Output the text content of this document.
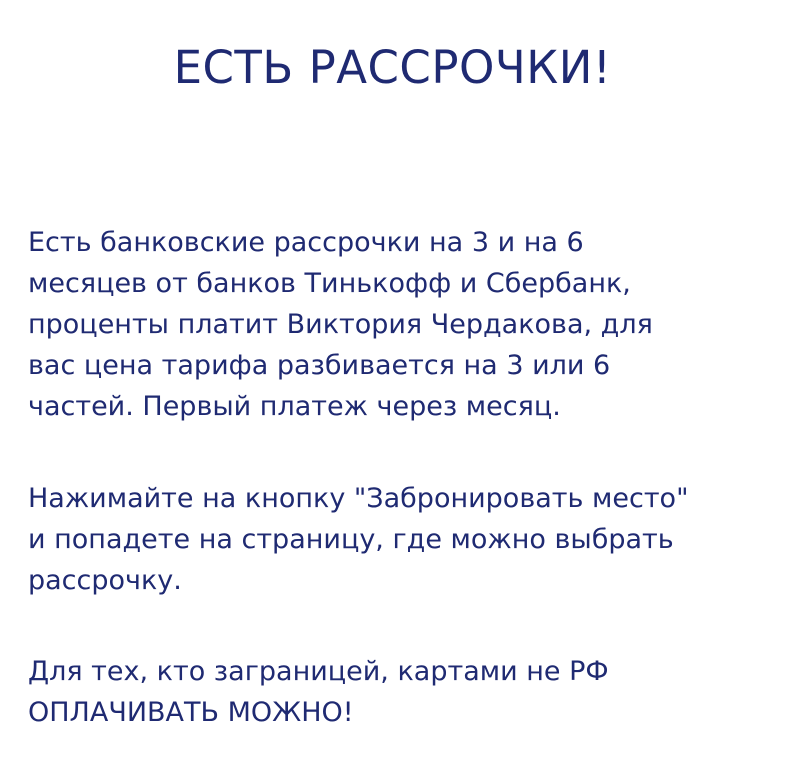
ЕСТЬ РАССРОЧКИ!

Есть банковские рассрочки на 3 и на 6
месяцев от банков Тинькофф и Сбербанк,
проценты платит Виктория Чердакова, для
вас цена тарифа разбивается на 3 или 6
частей. Первый платеж через месяц.

Нажимайте на кнопку "Забронировать место"
и попадете на страницу, где можно выбрать
рассрочку.

Для тех, кто заграницей, картами не РФ
ОПЛАЧИВАТЬ МОЖНО!
